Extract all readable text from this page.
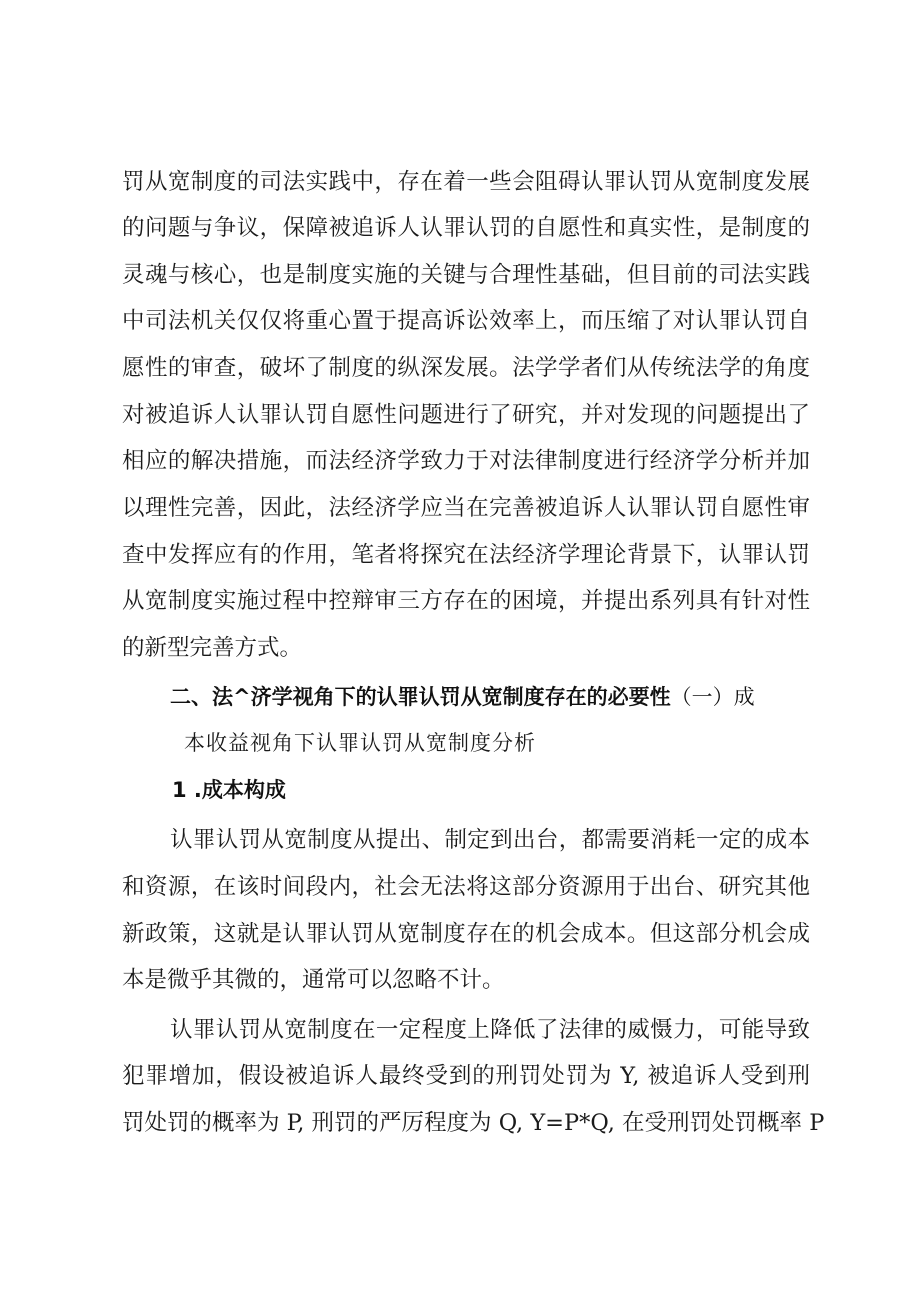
罚从宽制度的司法实践中，存在着一些会阻碍认罪认罚从宽制度发展
的问题与争议，保障被追诉人认罪认罚的自愿性和真实性，是制度的
灵魂与核心，也是制度实施的关键与合理性基础，但目前的司法实践
中司法机关仅仅将重心置于提高诉讼效率上，而压缩了对认罪认罚自
愿性的审查，破坏了制度的纵深发展。法学学者们从传统法学的角度
对被追诉人认罪认罚自愿性问题进行了研究，并对发现的问题提出了
相应的解决措施，而法经济学致力于对法律制度进行经济学分析并加
以理性完善，因此，法经济学应当在完善被追诉人认罪认罚自愿性审
查中发挥应有的作用，笔者将探究在法经济学理论背景下，认罪认罚
从宽制度实施过程中控辩审三方存在的困境，并提出系列具有针对性
的新型完善方式。
二、法^济学视角下的认罪认罚从宽制度存在的必要性（一）成
本收益视角下认罪认罚从宽制度分析
1 .成本构成
认罪认罚从宽制度从提出、制定到出台，都需要消耗一定的成本
和资源，在该时间段内，社会无法将这部分资源用于出台、研究其他
新政策，这就是认罪认罚从宽制度存在的机会成本。但这部分机会成
本是微乎其微的，通常可以忽略不计。
认罪认罚从宽制度在一定程度上降低了法律的威慑力，可能导致
犯罪增加，假设被追诉人最终受到的刑罚处罚为 Y, 被追诉人受到刑
罚处罚的概率为 P, 刑罚的严厉程度为 Q, Y=P*Q, 在受刑罚处罚概率 P
